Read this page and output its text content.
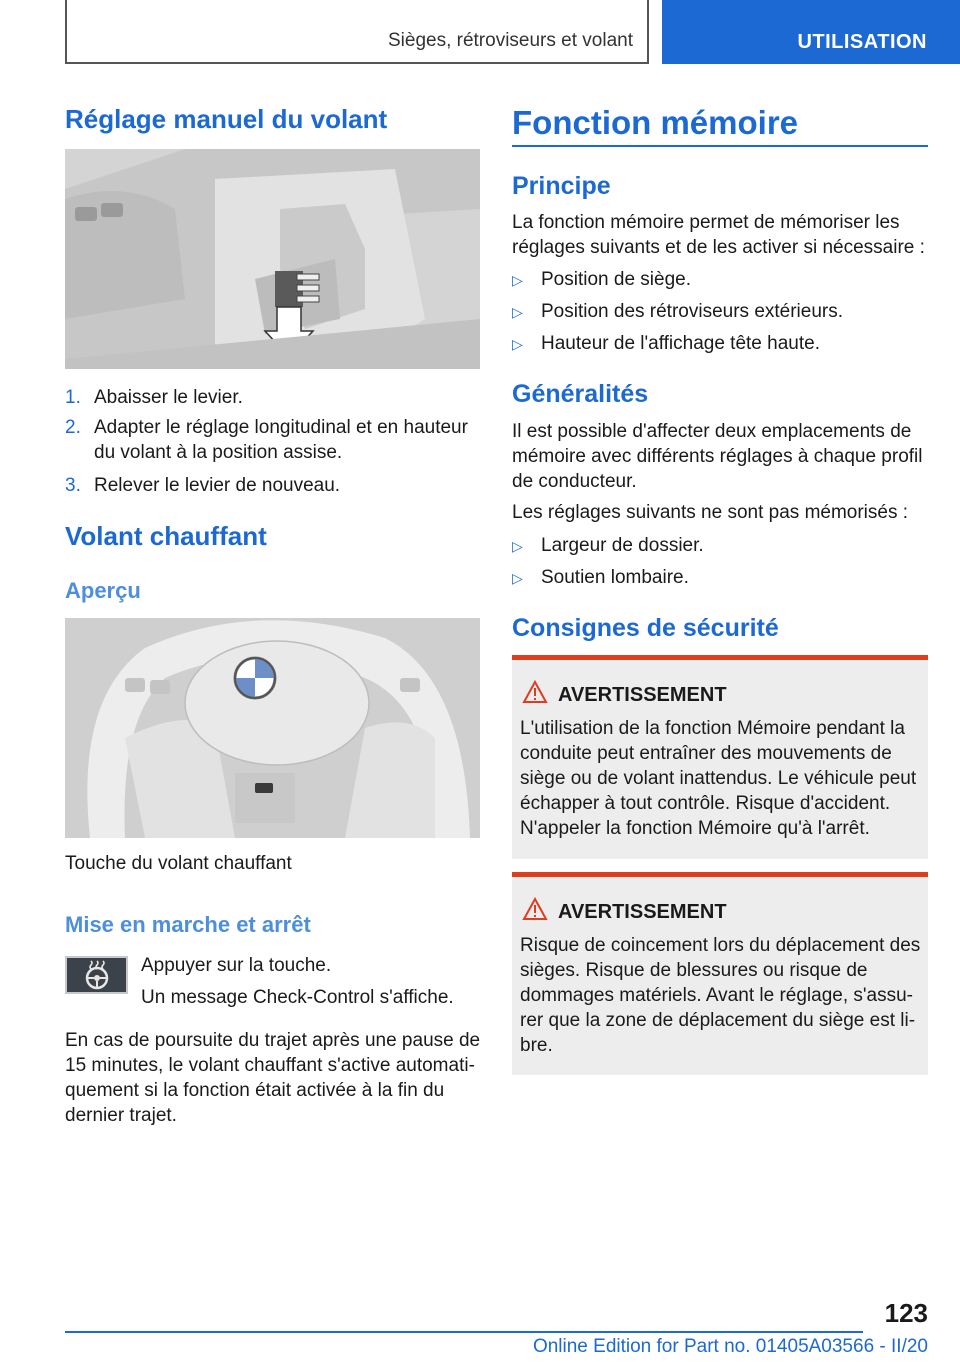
Sièges, rétroviseurs et volant	UTILISATION
Réglage manuel du volant
1. Abaisser le levier.
2. Adapter le réglage longitudinal et en hauteur du volant à la position assise.
3. Relever le levier de nouveau.
Volant chauffant
Aperçu
Touche du volant chauffant
Mise en marche et arrêt
Appuyer sur la touche.
Un message Check-Control s'affiche.
En cas de poursuite du trajet après une pause de 15 minutes, le volant chauffant s'active automatiquement si la fonction était activée à la fin du dernier trajet.
Fonction mémoire
Principe
La fonction mémoire permet de mémoriser les réglages suivants et de les activer si nécessaire :
▷ Position de siège.
▷ Position des rétroviseurs extérieurs.
▷ Hauteur de l'affichage tête haute.
Généralités
Il est possible d'affecter deux emplacements de mémoire avec différents réglages à chaque profil de conducteur.
Les réglages suivants ne sont pas mémorisés :
▷ Largeur de dossier.
▷ Soutien lombaire.
Consignes de sécurité
AVERTISSEMENT
L'utilisation de la fonction Mémoire pendant la conduite peut entraîner des mouvements de siège ou de volant inattendus. Le véhicule peut échapper à tout contrôle. Risque d'accident. N'appeler la fonction Mémoire qu'à l'arrêt.
AVERTISSEMENT
Risque de coincement lors du déplacement des sièges. Risque de blessures ou risque de dommages matériels. Avant le réglage, s'assurer que la zone de déplacement du siège est libre.
123
Online Edition for Part no. 01405A03566 - II/20
